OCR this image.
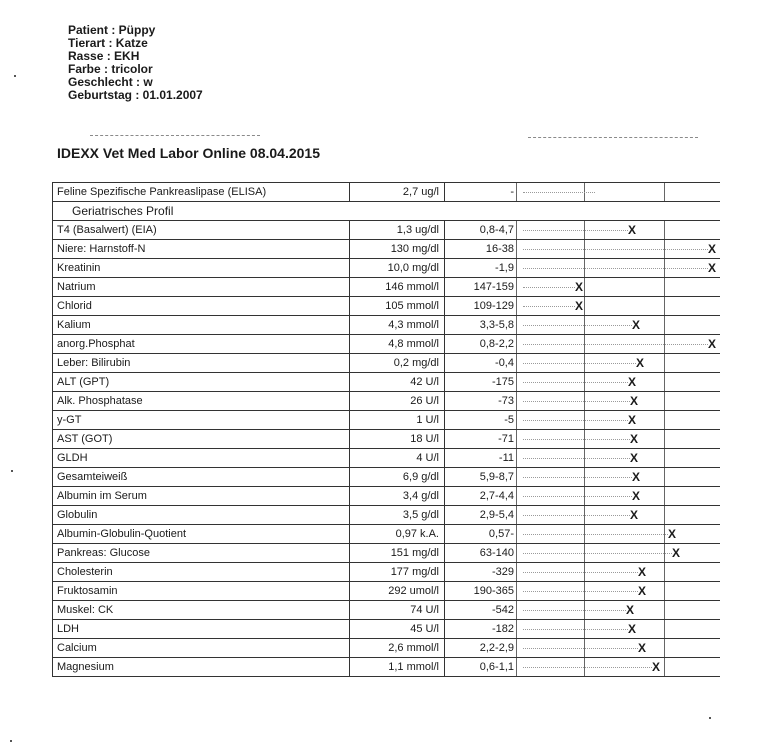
Patient : Püppy
Tierart : Katze
Rasse : EKH
Farbe : tricolor
Geschlecht : w
Geburtstag : 01.01.2007
IDEXX Vet Med Labor Online 08.04.2015
Feline Spezifische Pankreaslipase (ELISA)	2,7 ug/l	-
Geriatrisches Profil
T4 (Basalwert) (EIA)	1,3 ug/dl	0,8-4,7	X
Niere: Harnstoff-N	130 mg/dl	16-38	X
Kreatinin	10,0 mg/dl	-1,9	X
Natrium	146 mmol/l	147-159	X
Chlorid	105 mmol/l	109-129	X
Kalium	4,3 mmol/l	3,3-5,8	X
anorg.Phosphat	4,8 mmol/l	0,8-2,2	X
Leber: Bilirubin	0,2 mg/dl	-0,4	X
ALT (GPT)	42 U/l	-175	X
Alk. Phosphatase	26 U/l	-73	X
y-GT	1 U/l	-5	X
AST (GOT)	18 U/l	-71	X
GLDH	4 U/l	-11	X
Gesamteiweiß	6,9 g/dl	5,9-8,7	X
Albumin im Serum	3,4 g/dl	2,7-4,4	X
Globulin	3,5 g/dl	2,9-5,4	X
Albumin-Globulin-Quotient	0,97 k.A.	0,57-	X
Pankreas: Glucose	151 mg/dl	63-140	X
Cholesterin	177 mg/dl	-329	X
Fruktosamin	292 umol/l	190-365	X
Muskel: CK	74 U/l	-542	X
LDH	45 U/l	-182	X
Calcium	2,6 mmol/l	2,2-2,9	X
Magnesium	1,1 mmol/l	0,6-1,1	X
